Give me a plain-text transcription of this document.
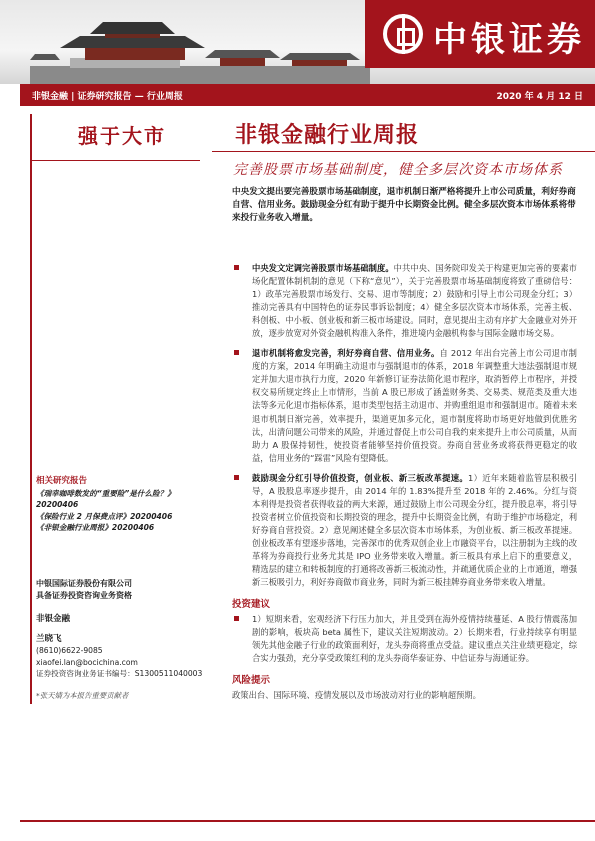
中银证券
非银金融 | 证券研究报告 — 行业周报	2020 年 4 月 12 日
强于大市	非银金融行业周报
完善股票市场基础制度，健全多层次资本市场体系
中央发文提出要完善股票市场基础制度，退市机制日渐严格将提升上市公司质量，利好券商自营、信用业务。鼓励现金分红有助于提升中长期资金比例。健全多层次资本市场体系将带来投行业务收入增量。
中央发文定调完善股票市场基础制度。中共中央、国务院印发关于构建更加完善的要素市场化配置体制机制的意见（下称“意见”），关于完善股票市场基础制度将致了重磅信号：1）政革完善股票市场发行、交易、退市等制度；2）鼓励和引导上市公司现金分红；3）推动完善具有中国特色的证券民事诉讼制度；4）健全多层次资本市场体系，完善主板、科创板、中小板、创业板和新三板市场建设。同时，意见提出主动有序扩大金融业对外开放，逐步放宽对外资金融机构准入条件，推进境内金融机构参与国际金融市场交易。
退市机制将愈发完善，利好券商自营、信用业务。自 2012 年出台完善上市公司退市制度的方案，2014 年明确主动退市与强制退市的体系，2018 年调整重大违法强制退市规定并加大退市执行力度，2020 年新修订证券法简化退市程序，取消暂停上市程序，并授权交易所规定终止上市情形，当前 A 股已形成了涵盖财务类、交易类、规范类及重大违法等多元化退市指标体系，退市类型包括主动退市、并购重组退市和强制退市。随着未来退市机制日渐完善，效率提升，渠道更加多元化，退市制度将助市场更好地做到优胜劣汰，出清问题公司带来的风险，并通过督促上市公司自我约束来提升上市公司质量，从而助力 A 股保持韧性，使投资者能够坚持价值投资。券商自营业务或将获得更稳定的收益，信用业务的“踩雷”风险有望降低。
鼓励现金分红引导价值投资，创业板、新三板改革提速。1）近年来随着监管层积极引导，A 股股息率逐步提升，由 2014 年的 1.83%提升至 2018 年的 2.46%。分红与资本利得是投资者获得收益的两大来源，通过鼓励上市公司现金分红，提升股息率，将引导投资者树立价值投资和长期投资的理念，提升中长期资金比例，有助于维护市场稳定，利好券商自营投资。2）意见阐述健全多层次资本市场体系，为创业板、新三板改革提速。创业板改革有望逐步落地，完善深市的优秀双创企业上市融资平台，以注册制为主线的改革将为券商投行业务尤其是 IPO 业务带来收入增量。新三板具有承上启下的重要意义，精选层的建立和转板制度的打通将改善新三板流动性，并疏通优质企业的上市通道，增强新三板吸引力，利好券商做市商业务，同时为新三板挂牌券商业务带来收入增量。
投资建议
1）短期来看，宏观经济下行压力加大，并且受到在海外疫情持续蔓延、A 股行情震荡加剧的影响，板块高 beta 属性下，建议关注短期波动。2）长期来看，行业持续享有明显领先其他金融子行业的政策面利好，龙头券商将重点受益。建议重点关注业绩更稳定，综合实力强劲，充分享受政策红利的龙头券商华泰证券、中信证券与海通证券。
风险提示
政策出台、国际环境、疫情发展以及市场波动对行业的影响超预期。
相关研究报告
《瑞幸咖啡数发的“重要险”是什么险？》20200406
《保险行业 2 月保费点评》20200406
《非银金融行业周报》20200406
中银国际证券股份有限公司
具备证券投资咨询业务资格
非银金融
兰晓飞
(8610)6622-9085
xiaofei.lan@bocichina.com
证券投资咨询业务证书编号：S1300511040003
*张天婧为本报告重要贡献者
